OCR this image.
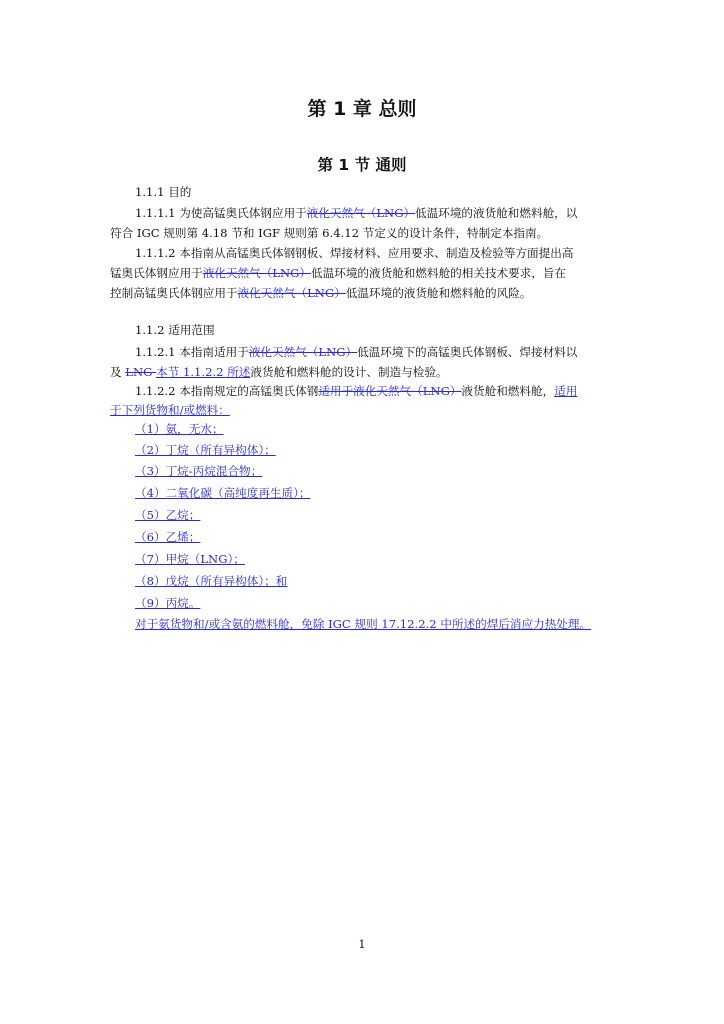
第 1 章 总则
第 1 节 通则
1.1.1 目的
1.1.1.1 为使高锰奥氏体钢应用于液化天然气（LNG）低温环境的液货舱和燃料舱，以
符合 IGC 规则第 4.18 节和 IGF 规则第 6.4.12 节定义的设计条件，特制定本指南。
1.1.1.2 本指南从高锰奥氏体钢钢板、焊接材料、应用要求、制造及检验等方面提出高
锰奥氏体钢应用于液化天然气（LNG）低温环境的液货舱和燃料舱的相关技术要求，旨在
控制高锰奥氏体钢应用于液化天然气（LNG）低温环境的液货舱和燃料舱的风险。
1.1.2 适用范围
1.1.2.1 本指南适用于液化天然气（LNG）低温环境下的高锰奥氏体钢板、焊接材料以
及 LNG 本节 1.1.2.2 所述液货舱和燃料舱的设计、制造与检验。
1.1.2.2 本指南规定的高锰奥氏体钢适用于液化天然气（LNG）液货舱和燃料舱，适用
于下列货物和/或燃料：
（1）氨，无水；
（2）丁烷（所有异构体）；
（3）丁烷-丙烷混合物；
（4）二氧化碳（高纯度再生质）；
（5）乙烷；
（6）乙烯；
（7）甲烷（LNG）；
（8）戊烷（所有异构体）；和
（9）丙烷。
对于氨货物和/或含氨的燃料舱，免除 IGC 规则 17.12.2.2 中所述的焊后消应力热处理。
1
